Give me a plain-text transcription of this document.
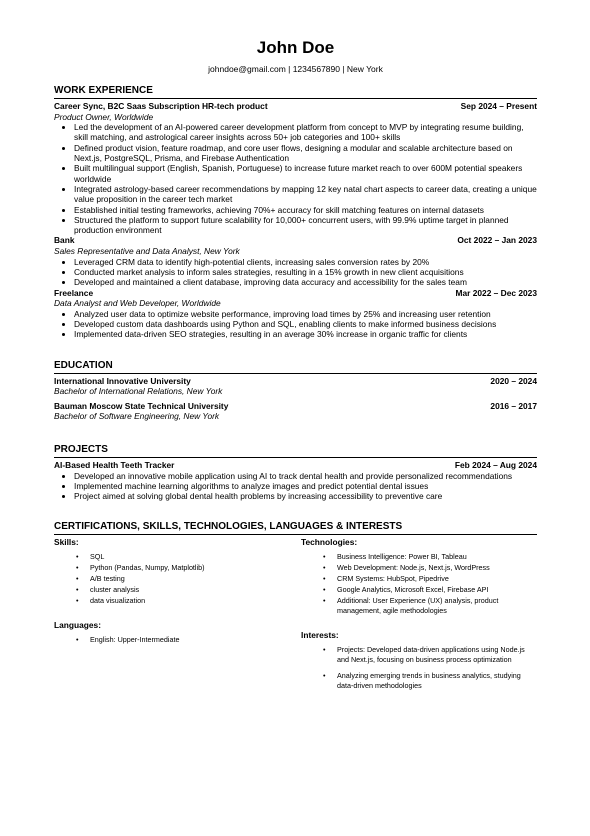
John Doe
johndoe@gmail.com | 1234567890 | New York
WORK EXPERIENCE
Career Sync, B2C Saas Subscription HR-tech product	Sep 2024 – Present
Product Owner, Worldwide
• Led the development of an AI-powered career development platform from concept to MVP by integrating resume building, skill matching, and astrological career insights across 50+ job categories and 100+ skills
• Defined product vision, feature roadmap, and core user flows, designing a modular and scalable architecture based on Next.js, PostgreSQL, Prisma, and Firebase Authentication
• Built multilingual support (English, Spanish, Portuguese) to increase future market reach to over 600M potential speakers worldwide
• Integrated astrology-based career recommendations by mapping 12 key natal chart aspects to career data, creating a unique value proposition in the career tech market
• Established initial testing frameworks, achieving 70%+ accuracy for skill matching features on internal datasets
• Structured the platform to support future scalability for 10,000+ concurrent users, with 99.9% uptime target in planned production environment
Bank	Oct 2022 – Jan 2023
Sales Representative and Data Analyst, New York
• Leveraged CRM data to identify high-potential clients, increasing sales conversion rates by 20%
• Conducted market analysis to inform sales strategies, resulting in a 15% growth in new client acquisitions
• Developed and maintained a client database, improving data accuracy and accessibility for the sales team
Freelance	Mar 2022 – Dec 2023
Data Analyst and Web Developer, Worldwide
• Analyzed user data to optimize website performance, improving load times by 25% and increasing user retention
• Developed custom data dashboards using Python and SQL, enabling clients to make informed business decisions
• Implemented data-driven SEO strategies, resulting in an average 30% increase in organic traffic for clients
EDUCATION
International Innovative University	2020 – 2024
Bachelor of International Relations, New York
Bauman Moscow State Technical University	2016 – 2017
Bachelor of Software Engineering, New York
PROJECTS
AI-Based Health Teeth Tracker	Feb 2024 – Aug 2024
• Developed an innovative mobile application using AI to track dental health and provide personalized recommendations
• Implemented machine learning algorithms to analyze images and predict potential dental issues
• Project aimed at solving global dental health problems by increasing accessibility to preventive care
CERTIFICATIONS, SKILLS, TECHNOLOGIES, LANGUAGES & INTERESTS
Skills:
• SQL
• Python (Pandas, Numpy, Matplotlib)
• A/B testing
• cluster analysis
• data visualization
Languages:
• English: Upper-Intermediate
Technologies:
• Business Intelligence: Power BI, Tableau
• Web Development: Node.js, Next.js, WordPress
• CRM Systems: HubSpot, Pipedrive
• Google Analytics, Microsoft Excel, Firebase API
• Additional: User Experience (UX) analysis, product management, agile methodologies
Interests:
• Projects: Developed data-driven applications using Node.js and Next.js, focusing on business process optimization
• Analyzing emerging trends in business analytics, studying data-driven methodologies
